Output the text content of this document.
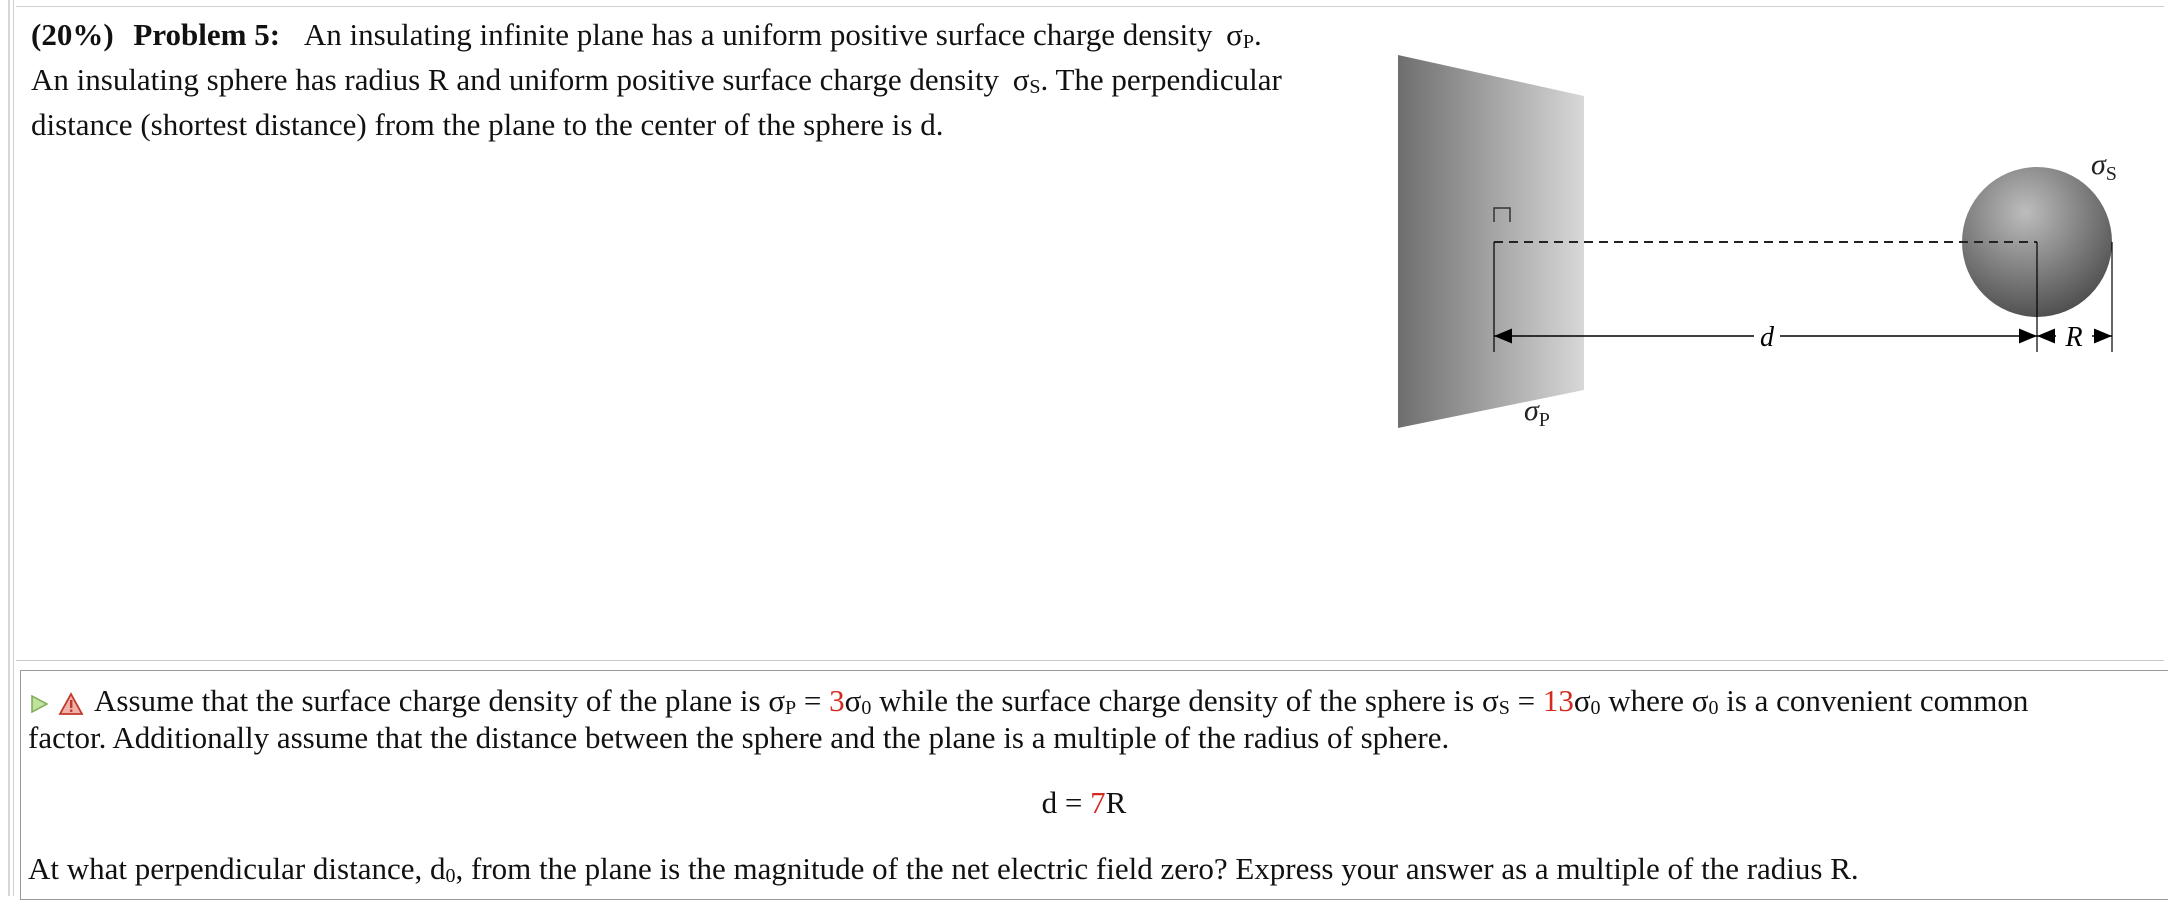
(20%) Problem 5: An insulating infinite plane has a uniform positive surface charge density σP.
An insulating sphere has radius R and uniform positive surface charge density σS. The perpendicular
distance (shortest distance) from the plane to the center of the sphere is d.
d	R
$\sigma_S$
$\sigma_P$
Assume that the surface charge density of the plane is σP = 3σ0 while the surface charge density of the sphere is σS = 13σ0 where σ0 is a convenient common
factor. Additionally assume that the distance between the sphere and the plane is a multiple of the radius of sphere.
d = 7R
At what perpendicular distance, d0, from the plane is the magnitude of the net electric field zero? Express your answer as a multiple of the radius R.
